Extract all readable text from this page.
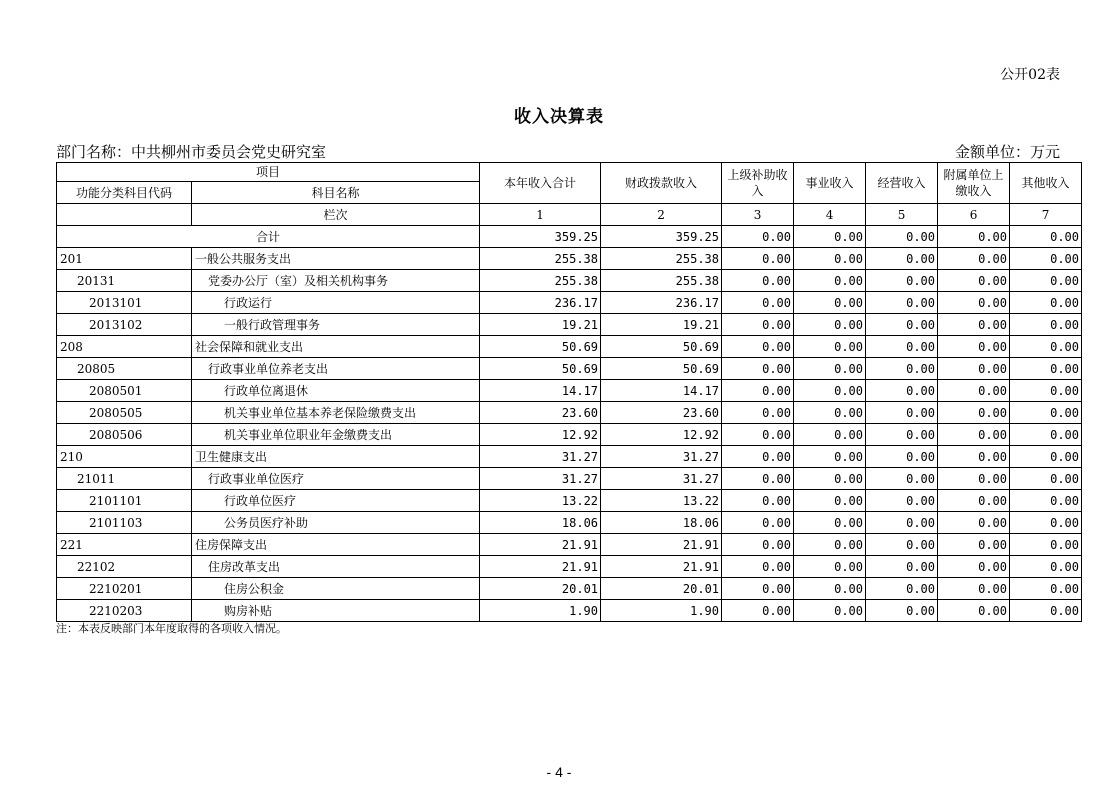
公开02表
收入决算表
部门名称：中共柳州市委员会党史研究室	金额单位：万元
项目		本年收入合计	财政拨款收入	上级补助收入	事业收入	经营收入	附属单位上缴收入	其他收入
功能分类科目代码	科目名称							
	栏次	1	2	3	4	5	6	7
合计		359.25	359.25	0.00	0.00	0.00	0.00	0.00
201	一般公共服务支出	255.38	255.38	0.00	0.00	0.00	0.00	0.00
20131	党委办公厅（室）及相关机构事务	255.38	255.38	0.00	0.00	0.00	0.00	0.00
2013101	行政运行	236.17	236.17	0.00	0.00	0.00	0.00	0.00
2013102	一般行政管理事务	19.21	19.21	0.00	0.00	0.00	0.00	0.00
208	社会保障和就业支出	50.69	50.69	0.00	0.00	0.00	0.00	0.00
20805	行政事业单位养老支出	50.69	50.69	0.00	0.00	0.00	0.00	0.00
2080501	行政单位离退休	14.17	14.17	0.00	0.00	0.00	0.00	0.00
2080505	机关事业单位基本养老保险缴费支出	23.60	23.60	0.00	0.00	0.00	0.00	0.00
2080506	机关事业单位职业年金缴费支出	12.92	12.92	0.00	0.00	0.00	0.00	0.00
210	卫生健康支出	31.27	31.27	0.00	0.00	0.00	0.00	0.00
21011	行政事业单位医疗	31.27	31.27	0.00	0.00	0.00	0.00	0.00
2101101	行政单位医疗	13.22	13.22	0.00	0.00	0.00	0.00	0.00
2101103	公务员医疗补助	18.06	18.06	0.00	0.00	0.00	0.00	0.00
221	住房保障支出	21.91	21.91	0.00	0.00	0.00	0.00	0.00
22102	住房改革支出	21.91	21.91	0.00	0.00	0.00	0.00	0.00
2210201	住房公积金	20.01	20.01	0.00	0.00	0.00	0.00	0.00
2210203	购房补贴	1.90	1.90	0.00	0.00	0.00	0.00	0.00
注：本表反映部门本年度取得的各项收入情况。
- 4 -
